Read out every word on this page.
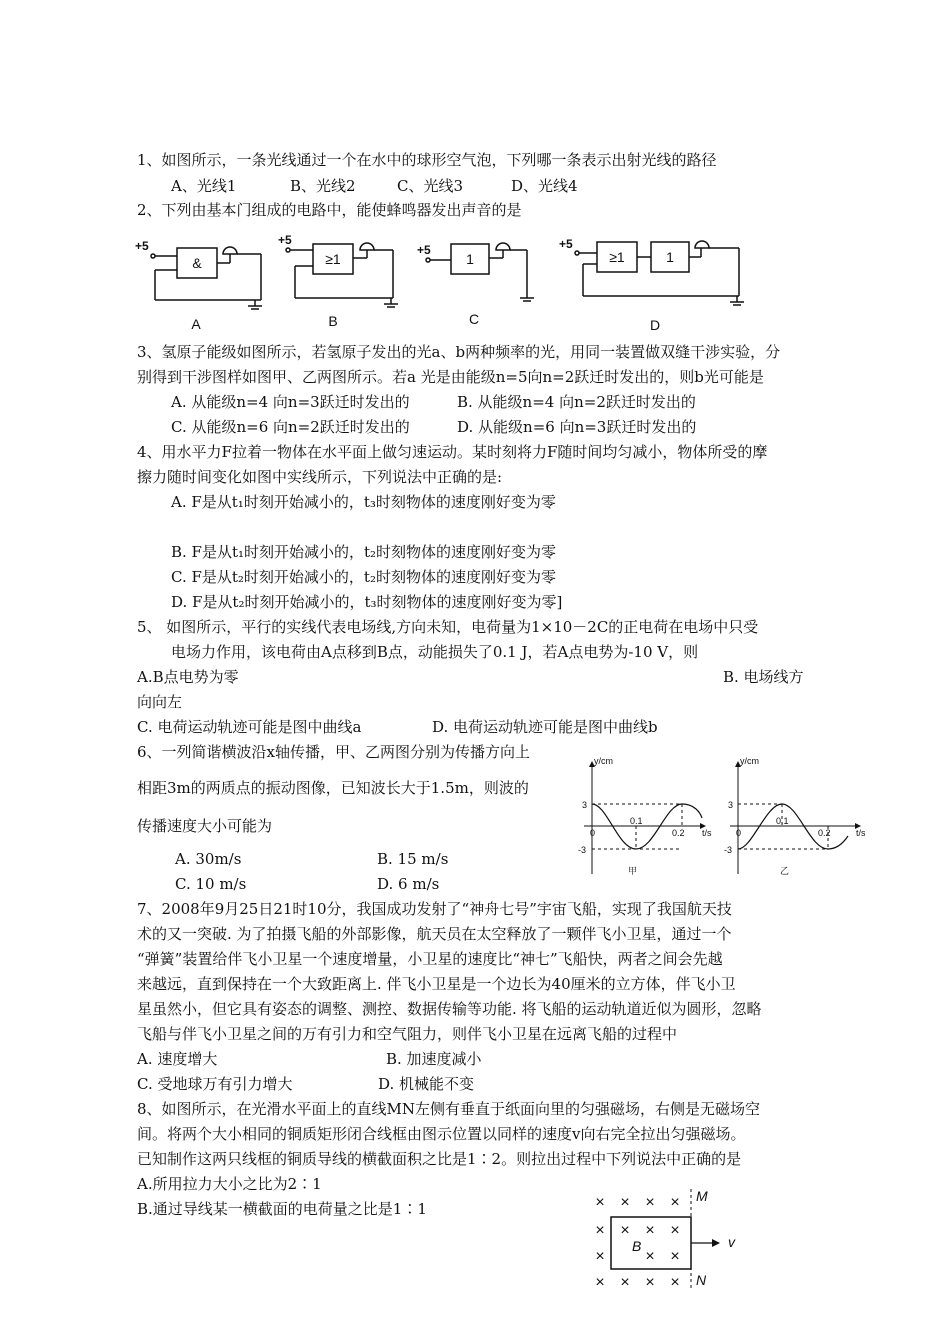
1、如图所示，一条光线通过一个在水中的球形空气泡，下列哪一条表示出射光线的路径
A、光线1	B、光线2	C、光线3	D、光线4
2、下列由基本门组成的电路中，能使蜂鸣器发出声音的是
+5	+5
+5	+5
&	≥1	1	≥1	1
A	B	C	D
3、氢原子能级如图所示，若氢原子发出的光a、b两种频率的光，用同一装置做双缝干涉实验，分
别得到干涉图样如图甲、乙两图所示。若a 光是由能级n=5向n=2跃迁时发出的，则b光可能是
A. 从能级n=4 向n=3跃迁时发出的	B. 从能级n=4 向n=2跃迁时发出的
C. 从能级n=6 向n=2跃迁时发出的	D. 从能级n=6 向n=3跃迁时发出的
4、用水平力F拉着一物体在水平面上做匀速运动。某时刻将力F随时间均匀减小，物体所受的摩
擦力随时间变化如图中实线所示，下列说法中正确的是:
A. F是从t₁时刻开始减小的，t₃时刻物体的速度刚好变为零
B. F是从t₁时刻开始减小的，t₂时刻物体的速度刚好变为零
C. F是从t₂时刻开始减小的，t₂时刻物体的速度刚好变为零
D. F是从t₂时刻开始减小的，t₃时刻物体的速度刚好变为零]
5、 如图所示，平行的实线代表电场线,方向未知，电荷量为1×10－2C的正电荷在电场中只受
电场力作用，该电荷由A点移到B点，动能损失了0.1 J，若A点电势为-10 V，则
A.B点电势为零	B. 电场线方
向向左
C. 电荷运动轨迹可能是图中曲线a	D. 电荷运动轨迹可能是图中曲线b
6、一列简谐横波沿x轴传播，甲、乙两图分别为传播方向上
相距3m的两质点的振动图像，已知波长大于1.5m，则波的
传播速度大小可能为
A. 30m/s	B. 15 m/s
C. 10 m/s	D. 6 m/s
y/cm
t/s
3
-3
0
0.1
0.2
甲
y/cm
t/s
3
-3
0
0.1
0.2
乙
7、2008年9月25日21时10分，我国成功发射了“神舟七号”宇宙飞船，实现了我国航天技
术的又一突破. 为了拍摄飞船的外部影像，航天员在太空释放了一颗伴飞小卫星，通过一个
“弹簧”装置给伴飞小卫星一个速度增量，小卫星的速度比“神七”飞船快，两者之间会先越
来越远，直到保持在一个大致距离上. 伴飞小卫星是一个边长为40厘米的立方体，伴飞小卫
星虽然小，但它具有姿态的调整、测控、数据传输等功能. 将飞船的运动轨道近似为圆形，忽略
飞船与伴飞小卫星之间的万有引力和空气阻力，则伴飞小卫星在远离飞船的过程中
A. 速度增大	B. 加速度减小
C. 受地球万有引力增大	D. 机械能不变
8、如图所示，在光滑水平面上的直线MN左侧有垂直于纸面向里的匀强磁场，右侧是无磁场空
间。将两个大小相同的铜质矩形闭合线框由图示位置以同样的速度v向右完全拉出匀强磁场。
已知制作这两只线框的铜质导线的横截面积之比是1∶2。则拉出过程中下列说法中正确的是
A.所用拉力大小之比为2∶1
B.通过导线某一横截面的电荷量之比是1∶1	× × × ×
× × × ×
×	× ×
× × × ×
M
N
B	v
